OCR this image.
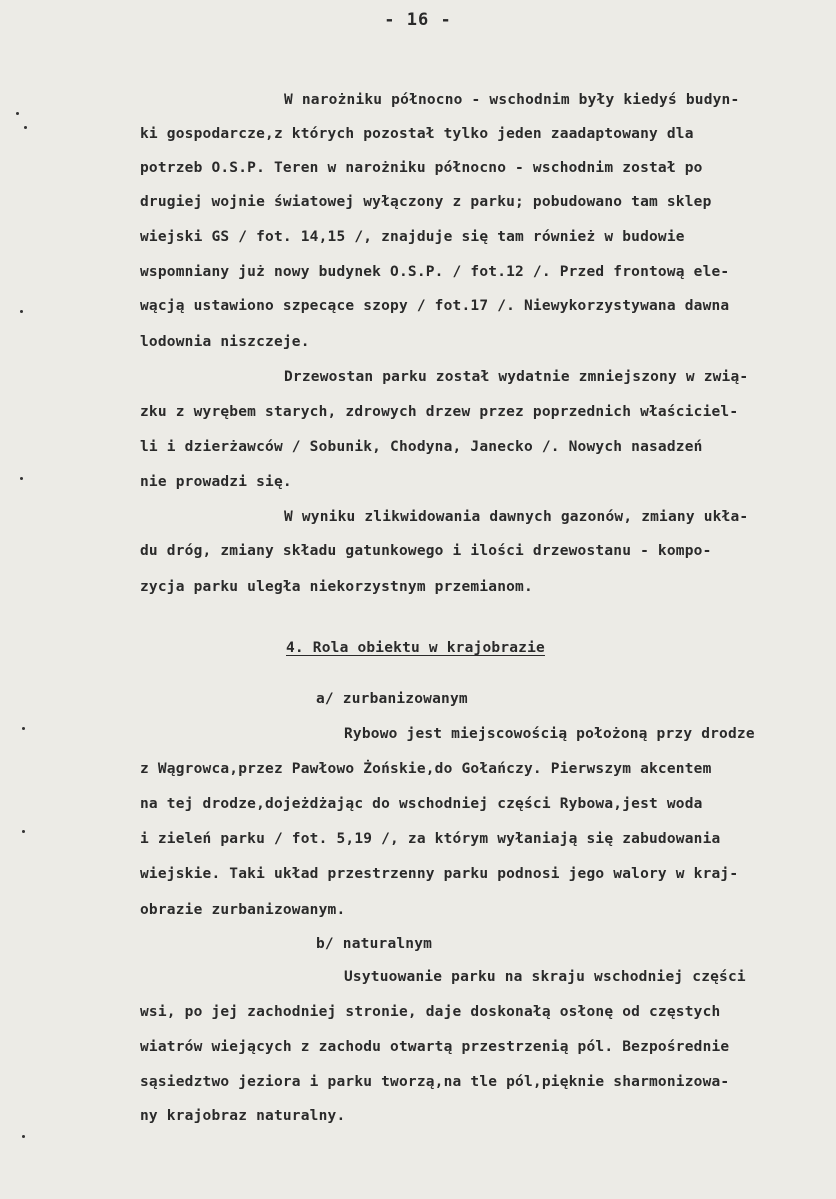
- 16 -
W narożniku północno - wschodnim były kiedyś budyn-
ki gospodarcze,z których pozostał tylko jeden zaadaptowany dla
potrzeb O.S.P. Teren w narożniku północno - wschodnim został po
drugiej wojnie światowej wyłączony z parku; pobudowano tam sklep
wiejski GS / fot. 14,15 /, znajduje się tam również w budowie
wspomniany już nowy budynek O.S.P. / fot.12 /. Przed frontową ele-
wącją ustawiono szpecące szopy / fot.17 /. Niewykorzystywana dawna
lodownia niszczeje.
Drzewostan parku został wydatnie zmniejszony w zwią-
zku z wyrębem starych, zdrowych drzew przez poprzednich właściciel-
li i dzierżawców / Sobunik, Chodyna, Janecko /. Nowych nasadzeń
nie prowadzi się.
W wyniku zlikwidowania dawnych gazonów, zmiany ukła-
du dróg, zmiany składu gatunkowego i ilości drzewostanu - kompo-
zycja parku uległa niekorzystnym przemianom.
4. Rola obiektu w krajobrazie
a/ zurbanizowanym
Rybowo jest miejscowością położoną przy drodze
z Wągrowca,przez Pawłowo Żońskie,do Gołańczy. Pierwszym akcentem
na tej drodze,dojeżdżając do wschodniej części Rybowa,jest woda
i zieleń parku / fot. 5,19 /, za którym wyłaniają się zabudowania
wiejskie. Taki układ przestrzenny parku podnosi jego walory w kraj-
obrazie zurbanizowanym.
b/ naturalnym
Usytuowanie parku na skraju wschodniej części
wsi, po jej zachodniej stronie, daje doskonałą osłonę od częstych
wiatrów wiejących z zachodu otwartą przestrzenią pól. Bezpośrednie
sąsiedztwo jeziora i parku tworzą,na tle pól,pięknie sharmonizowa-
ny krajobraz naturalny.
